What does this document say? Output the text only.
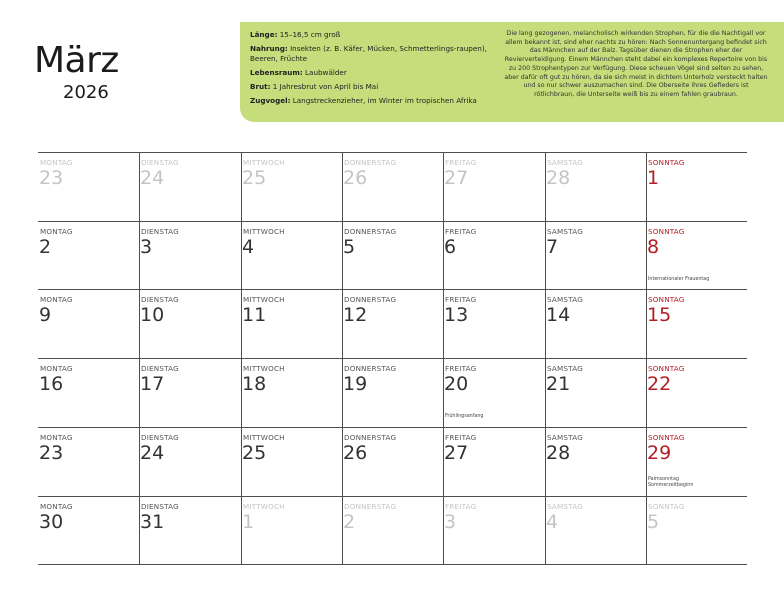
März
2026
Länge: 15–16,5 cm groß
Nahrung: Insekten (z. B. Käfer, Mücken, Schmetterlings-raupen), Beeren, Früchte
Lebensraum: Laubwälder
Brut: 1 Jahresbrut von April bis Mai
Zugvogel: Langstreckenzieher, im Winter im tropischen Afrika
Die lang gezogenen, melancholisch wirkenden Strophen, für die die Nachtigall vor allem bekannt ist, sind eher nachts zu hören: Nach Sonnenuntergang befindet sich das Männchen auf der Balz. Tagsüber dienen die Strophen eher der Revierverteidigung. Einem Männchen steht dabei ein komplexes Repertoire von bis zu 200 Strophentypen zur Verfügung. Diese scheuen Vögel sind selten zu sehen, aber dafür oft gut zu hören, da sie sich meist in dichtem Unterholz versteckt halten und so nur schwer auszumachen sind. Die Oberseite ihres Gefieders ist rötlichbraun, die Unterseite weiß bis zu einem fahlen graubraun.
MONTAG
23
DIENSTAG
24
MITTWOCH
25
DONNERSTAG
26
FREITAG
27
SAMSTAG
28
SONNTAG
1
MONTAG
2
DIENSTAG
3
MITTWOCH
4
DONNERSTAG
5
FREITAG
6
SAMSTAG
7
SONNTAG
8
Internationaler Frauentag
MONTAG
9
DIENSTAG
10
MITTWOCH
11
DONNERSTAG
12
FREITAG
13
SAMSTAG
14
SONNTAG
15
MONTAG
16
DIENSTAG
17
MITTWOCH
18
DONNERSTAG
19
FREITAG
20
Frühlingsanfang
SAMSTAG
21
SONNTAG
22
MONTAG
23
DIENSTAG
24
MITTWOCH
25
DONNERSTAG
26
FREITAG
27
SAMSTAG
28
SONNTAG
29
Palmsonntag
Sommerzeitbeginn
MONTAG
30
DIENSTAG
31
MITTWOCH
1
DONNERSTAG
2
FREITAG
3
SAMSTAG
4
SONNTAG
5
